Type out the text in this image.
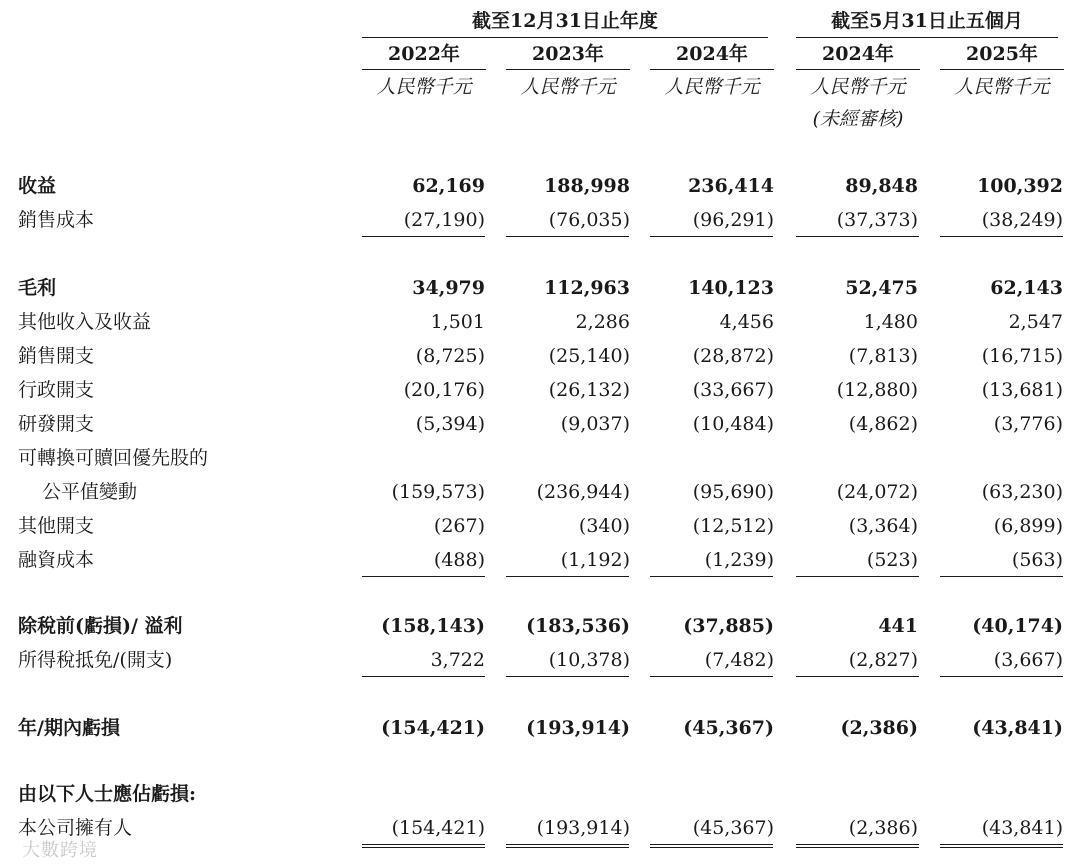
截至12月31日止年度	截至5月31日止五個月
2022年	2023年	2024年	2024年	2025年
人民幣千元	人民幣千元	人民幣千元	人民幣千元	人民幣千元
(未經審核)
收益	62,169	188,998	236,414	89,848	100,392
銷售成本	(27,190)	(76,035)	(96,291)	(37,373)	(38,249)
毛利	34,979	112,963	140,123	52,475	62,143
其他收入及收益	1,501	2,286	4,456	1,480	2,547
銷售開支	(8,725)	(25,140)	(28,872)	(7,813)	(16,715)
行政開支	(20,176)	(26,132)	(33,667)	(12,880)	(13,681)
研發開支	(5,394)	(9,037)	(10,484)	(4,862)	(3,776)
可轉換可贖回優先股的
公平值變動	(159,573)	(236,944)	(95,690)	(24,072)	(63,230)
其他開支	(267)	(340)	(12,512)	(3,364)	(6,899)
融資成本	(488)	(1,192)	(1,239)	(523)	(563)
除稅前(虧損)/ 溢利	(158,143) (183,536)	(37,885)	441	(40,174)
所得稅抵免/(開支)	3,722	(10,378)	(7,482)	(2,827)	(3,667)
年/期內虧損	(154,421) (193,914)	(45,367)	(2,386)	(43,841)
由以下人士應佔虧損:
本公司擁有人	(154,421)	(193,914)	(45,367)	(2,386)	(43,841)
大數跨境
